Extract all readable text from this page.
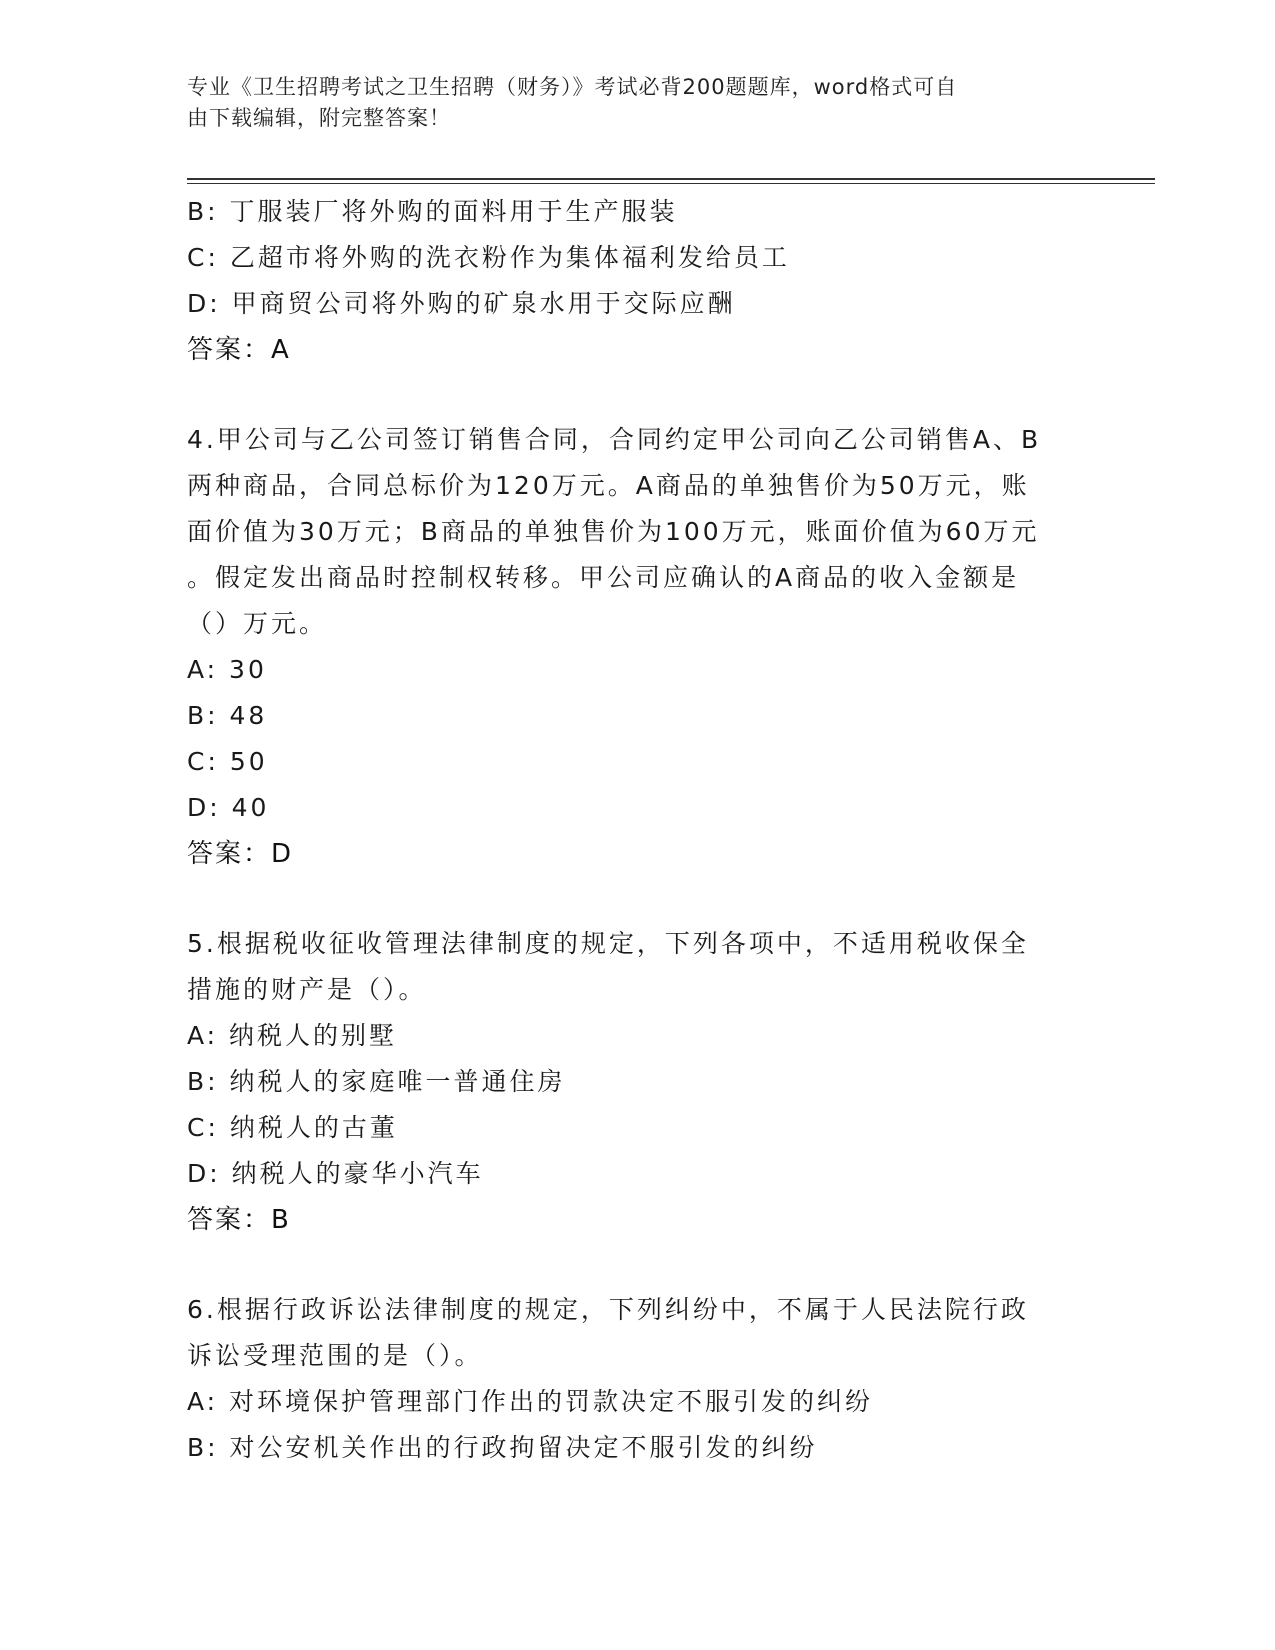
专业《卫生招聘考试之卫生招聘（财务）》考试必背200题题库，word格式可自
由下载编辑，附完整答案！
B: 丁服装厂将外购的面料用于生产服装
C: 乙超市将外购的洗衣粉作为集体福利发给员工
D: 甲商贸公司将外购的矿泉水用于交际应酬
答案：A
4.甲公司与乙公司签订销售合同，合同约定甲公司向乙公司销售A、B
两种商品，合同总标价为120万元。A商品的单独售价为50万元，账
面价值为30万元；B商品的单独售价为100万元，账面价值为60万元
。假定发出商品时控制权转移。甲公司应确认的A商品的收入金额是
（）万元。
A: 30
B: 48
C: 50
D: 40
答案：D
5.根据税收征收管理法律制度的规定，下列各项中，不适用税收保全
措施的财产是（）。
A: 纳税人的别墅
B: 纳税人的家庭唯一普通住房
C: 纳税人的古董
D: 纳税人的豪华小汽车
答案：B
6.根据行政诉讼法律制度的规定，下列纠纷中，不属于人民法院行政
诉讼受理范围的是（）。
A: 对环境保护管理部门作出的罚款决定不服引发的纠纷
B: 对公安机关作出的行政拘留决定不服引发的纠纷
